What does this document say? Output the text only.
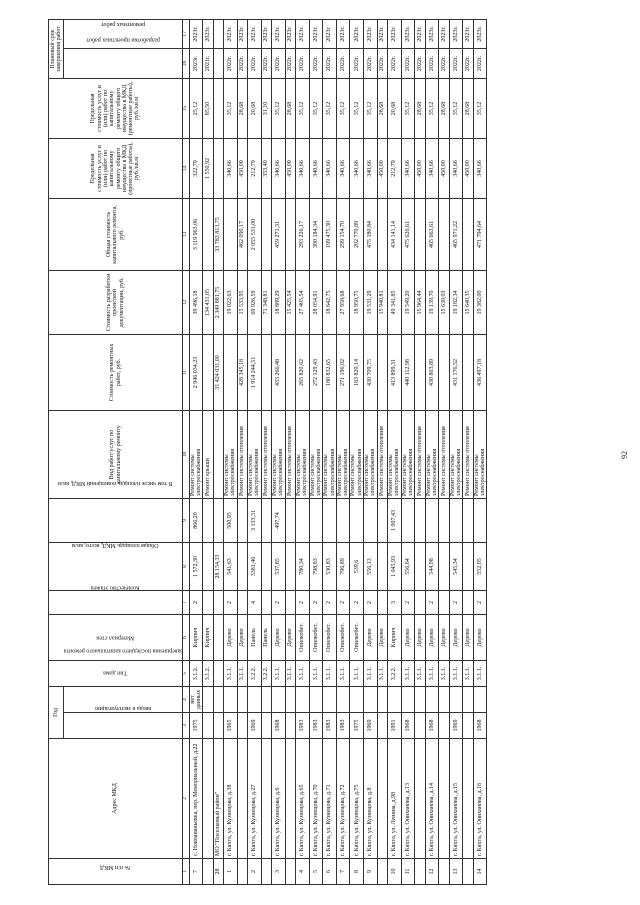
№ п/п МКД	Адрес МКД	Год		Тип дома	Материал стен	Количество этажей	Общая площадь МКД, всего, кв.м	В том числе площадь помещений МКД, кв.м	Вид работ/услуг по капитальному ремонту	Стоимость ремонтных работ, руб.	Стоимость разработки проектной документации, руб.	Общая стоимость капитального ремонта, руб.	Предельная стоимость услуг и (или) работ по капитальному ремонту общего имущества в МКД (проектные работы), руб./кв.м	Предельная стоимость услуг и (или) работ по капитальному ремонту общего имущества в МКД (ремонтные работы), руб./кв.м	Плановый срок завершения работ	
		ввода в эксплуатацию	завершения последнего капитального ремонта												разработки проектных работ	ремонтных работ
1	2	3	4	5	6	7	8	9	10	11	12	13	14	15	16	17
7	с. Новоананьевка, пер. Мемориальный, д.22	1975	нет данных	3.1.2.	Кирпич	2	1 572,30	866,20	Ремонт системы электроснабжения	2 946 034,23	39 496,18	3 119 963,06	322,79	25,12	2023г.	2023г.
				3.1.2.	Кирпич				Ремонт крыши		134 431,05		1 550,92	85,50	2021г.	2023г.
28	МО "Поселковый район"						28 154,33			31 424 031,00	2 349 881,75	33 783 813,75				
1	г. Кяхта, ул. Кузнецова, д.38	1965		3.1.1.	Дерево	2	541,63	500,95	Ремонт системы электроснабжения		19 022,63		340,66	35,12	2022г.	2023г.
				3.1.1.	Дерево				Ремонт системы отопления	428 345,18	15 533,95	462 090,17	450,00	28,68	2022г.	2023г.
2	г. Кяхта, ул. Кузнецова, д.27	1969		3.2.2.	Панель	4	3381,46	3 133,31	Ремонт системы электроснабжения	1 914 244,51	69 926,59	2 055 531,00	212,79	20,68	2022г.	2023г.
				3.2.2.	Панель				Ремонт системы отопления		71 348,81		353,40	31,10	2022г.	2023г.
3	г. Кяхта, ул. Кузнецова, д.6	1968		3.1.1.	Дерево	2	537,85	497,74	Ремонт системы электроснабжения	433 266,48	18 889,29	459 271,31	340,66	35,12	2022г.	2023г.
				3.1.1.	Дерево				Ремонт системы отопления		15 425,54		450,00	28,68	2022г.	2023г.
4	г. Кяхта, ул. Кузнецова, д.65	1983		3.1.1.	Опилкобет.	2	780,34		Ремонт системы электроснабжения	265 820,62	27 405,54	293 226,17	340,66	35,12	2022г.	2023г.
5	г. Кяхта, ул. Кузнецова, д.70	1983		3.1.1.	Опилкобет.	2	798,83		Ремонт системы электроснабжения	272 129,43	28 054,91	300 184,34	340,66	35,12	2022г.	2023г.
6	г. Кяхта, ул. Кузнецова, д.71	1983		3.1.1.	Опилкобет.	2	530,83		Ремонт системы электроснабжения	180 832,65	18 642,75	199 475,30	340,66	35,12	2022г.	2023г.
7	г. Кяхта, ул. Кузнецова, д.72	1983		3.1.1.	Опилкобет.	2	796,89		Ремонт системы электроснабжения	271 196,02	27 958,68	299 154,70	340,66	35,12	2022г.	2023г.
8	г. Кяхта, ул. Кузнецова, д.75	1975		3.1.1.	Опилкобет.	2	539,6		Ремонт системы электроснабжения	183 820,14	18 950,75	202 770,89	340,66	35,12	2022г.	2023г.
9	г. Кяхта, ул. Кузнецова, д.8	1969		3.1.1.	Дерево	2	556,13		Ремонт системы электроснабжения	430 709,75	19 531,29	475 180,84	340,66	35,12	2022г.	2023г.
				3.1.1.	Дерево				Ремонт системы отопления		15 940,81		450,00	28,68	2022г.	2023г.
10	г. Кяхта, ул. Ленина, д.98	1991		3.2.2.	Кирпич	3	1 045,93	1 007,43	Ремонт системы электроснабжения	413 899,31	49 341,85	434 141,14	212,79	20,68	2022г.	2023г.
11	г. Кяхта, ул. Ониханова, д.13	1968		3.1.1.	Дерево	2	556,64		Ремонт системы электроснабжения	440 112,98	19 549,20	475 626,61	340,66	35,12	2022г.	2023г.
				3.1.1.	Дерево				Ремонт системы отопления		15 964,44		450,00	28,68	2022г.	2023г.
12	г. Кяхта, ул. Ониханова, д.14	1968		3.1.1.	Дерево	2	544,98		Ремонт системы электроснабжения	430 803,89	19 139,70	465 663,61	340,66	35,12	2022г.	2023г.
				3.1.1.	Дерево				Ремонт системы отопления		15 630,03		450,00	28,68	2022г.	2023г.
13	г. Кяхта, ул. Ониханова, д.15	1969		3.1.1.	Дерево	2	545,34		Ремонт системы электроснабжения	431 176,52	19 182,34	465 971,22	340,66	35,12	2022г.	2023г.
				3.1.1.	Дерево				Ремонт системы отопления		15 640,35		450,00	28,68	2022г.	2023г.
14	г. Кяхта, ул. Ониханова, д.16	1968		3.1.1.	Дерево	2	552,05		Ремонт системы электроснабжения	436 497,18	19 382,00	471 794,64	340,66	35,12	2022г.	2023г.
92
